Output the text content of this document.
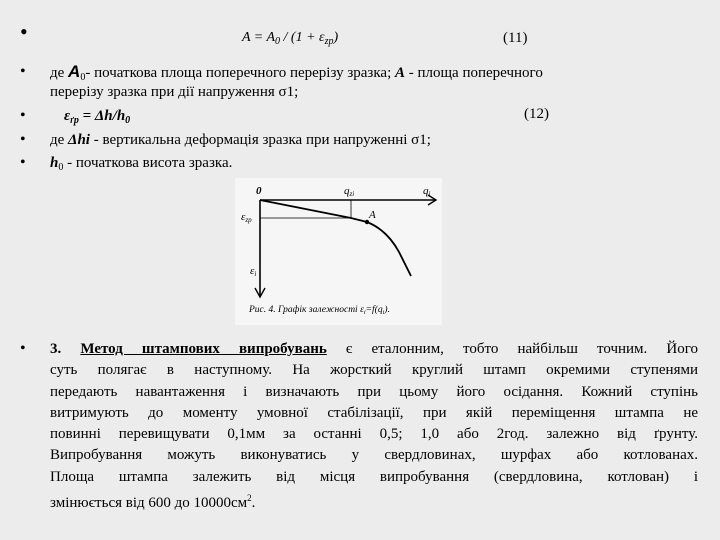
•	$A = A_0 / (1 + \varepsilon_{zp})$	(11)
• де $A_0-$ початкова площа поперечного перерізу зразка; A - площа поперечного
перерізу зразка при дії напруження σ1;
•	$\varepsilon_{ґр} = \Delta h/h_0$	(12)
• де Δhі - вертикальна деформація зразка при напруженні σ1;
• $h_0$ - початкова висота зразка.
0	qzi	qi
εzp
εi
A
Рис. 4. Графік залежності $\varepsilon_і=f(q_і)$.
• 3. Метод штампових випробувань є еталонним, тобто найбільш точним. Його
суть полягає в наступному. На жорсткий круглий штамп окремими ступенями
передають навантаження і визначають при цьому його осідання. Кожний ступінь
витримують до моменту умовної стабілізації, при якій переміщення штампа не
повинні перевищувати 0,1мм за останні 0,5; 1,0 або 2год. залежно від ґрунту.
Випробування можуть виконуватись у свердловинах, шурфах або котлованах.
Площа штампа залежить від місця випробування (свердловина, котлован) і
змінюється від 600 до $10000см^2$.
